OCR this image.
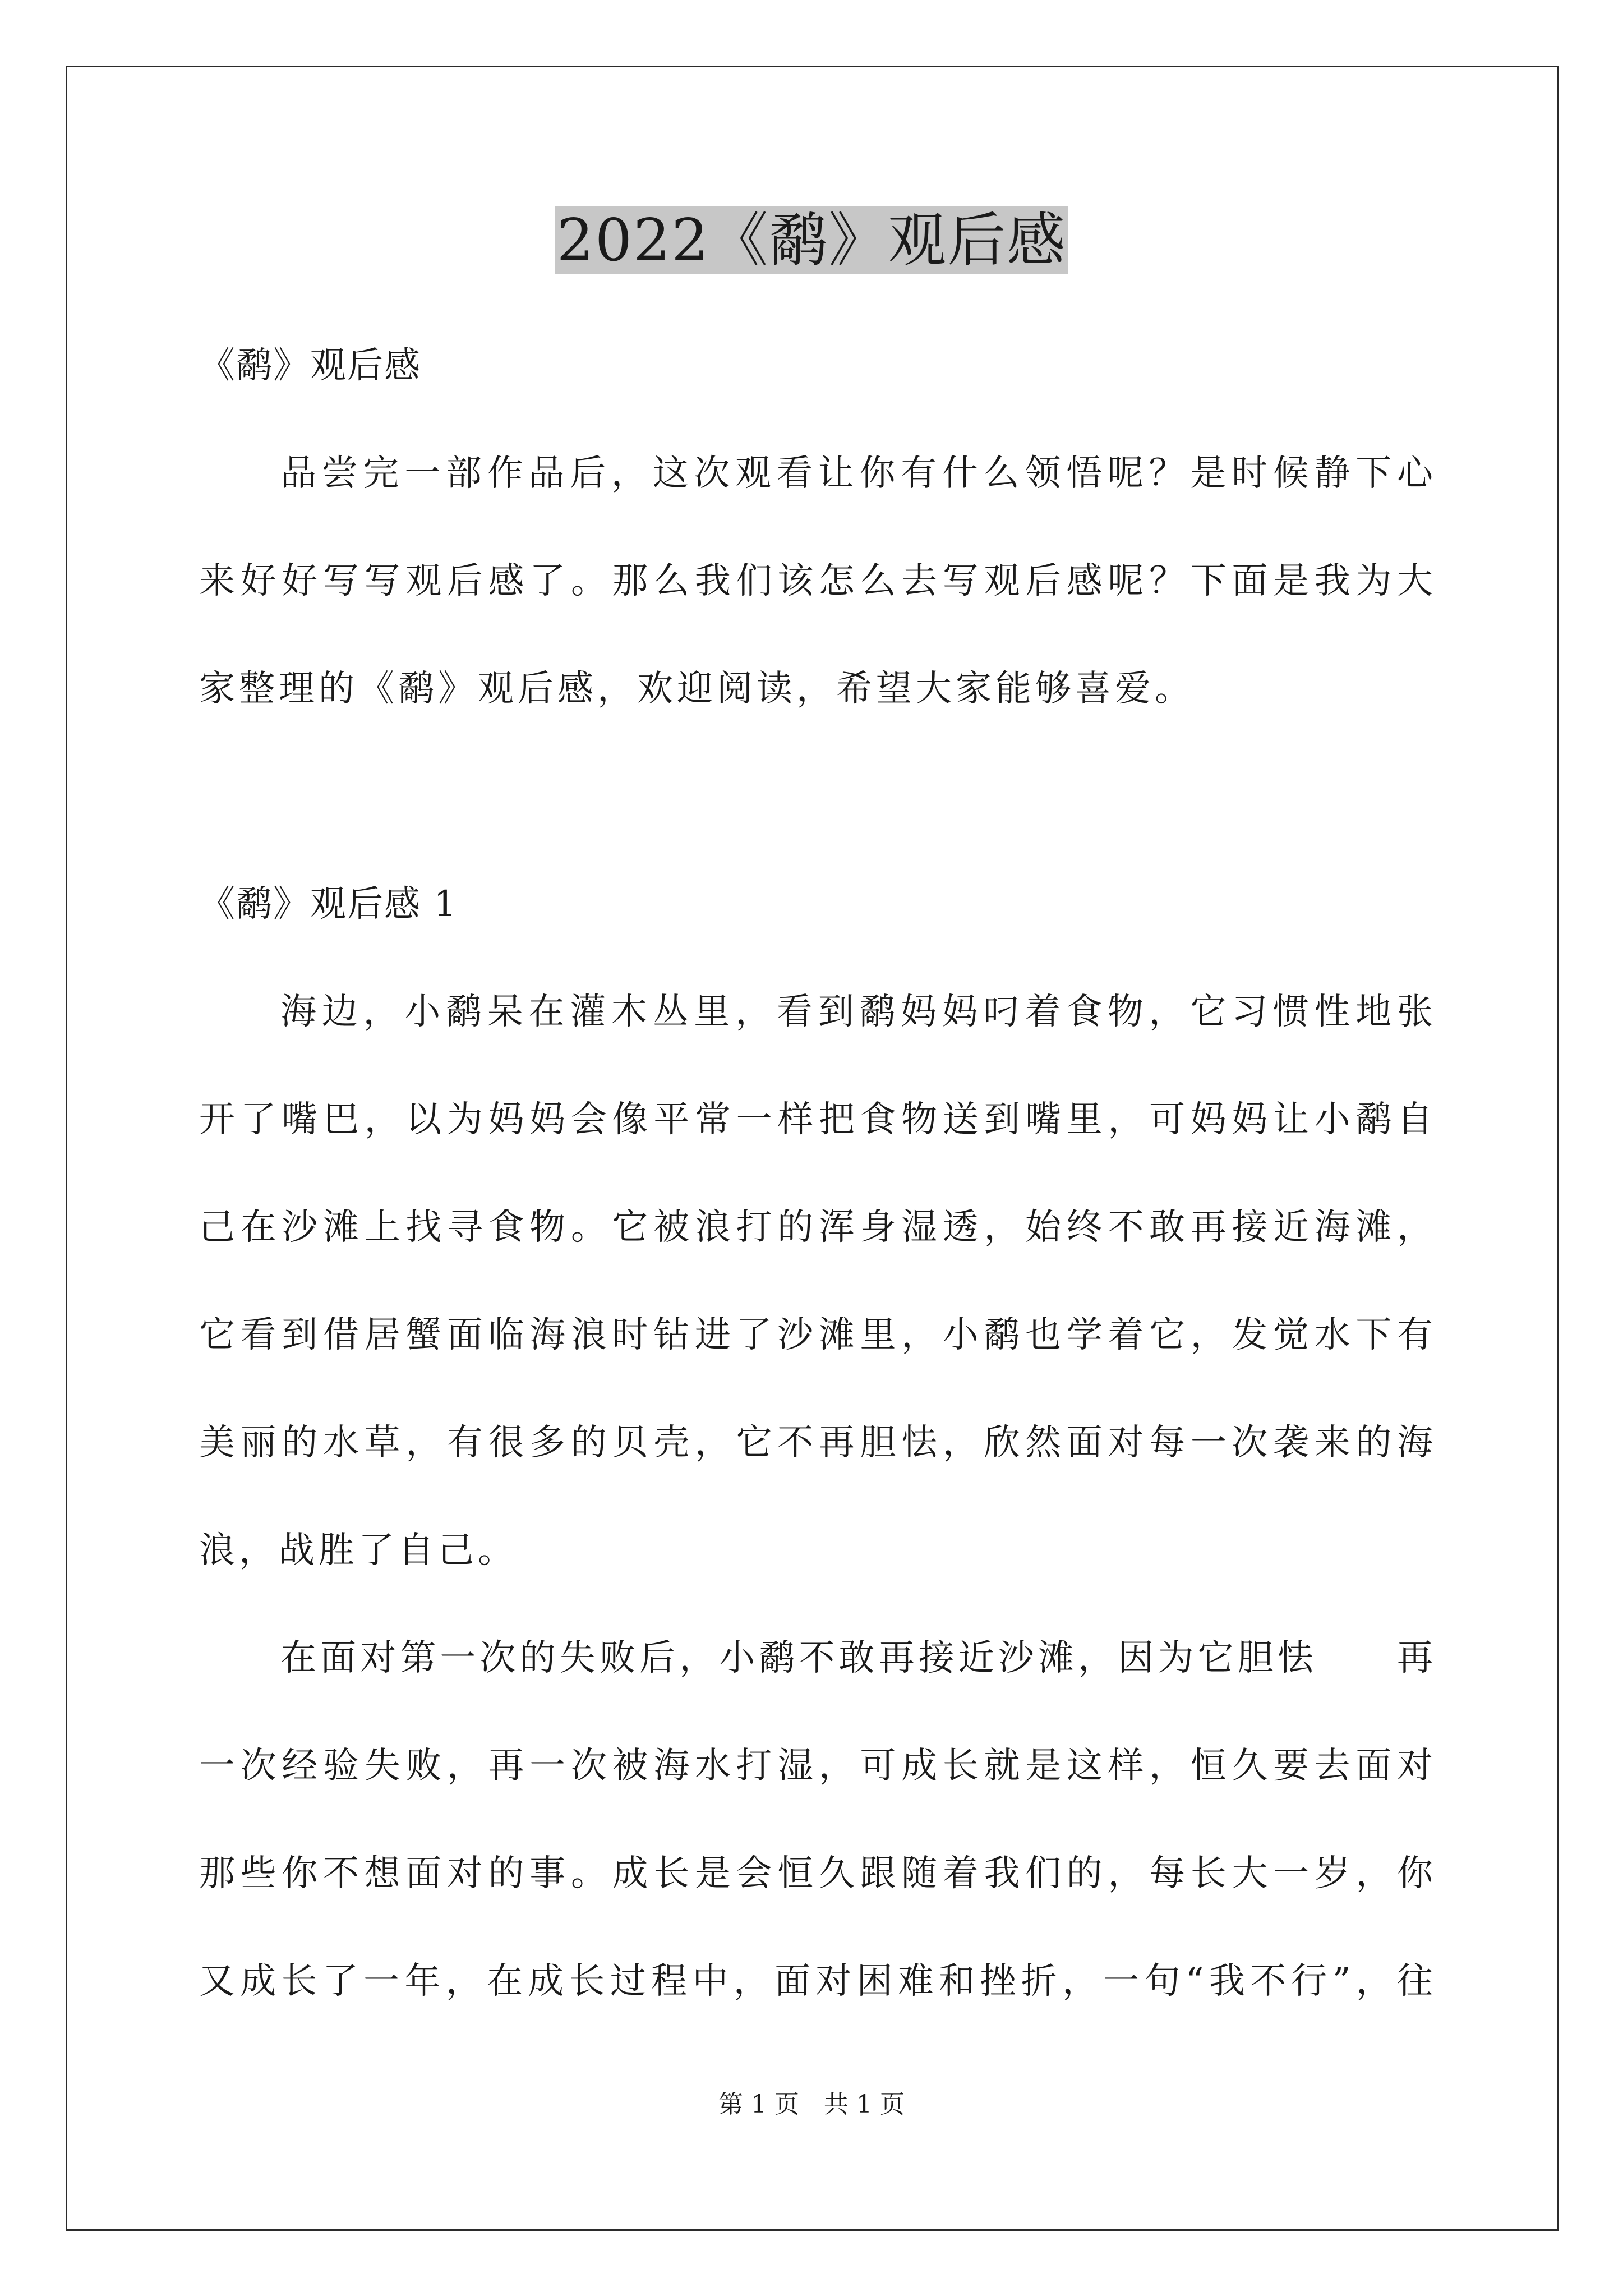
2022《鹬》观后感
《鹬》观后感
品尝完一部作品后，这次观看让你有什么领悟呢？是时候静下心
来好好写写观后感了。那么我们该怎么去写观后感呢？下面是我为大
家整理的《鹬》观后感，欢迎阅读，希望大家能够喜爱。
《鹬》观后感 1
海边，小鹬呆在灌木丛里，看到鹬妈妈叼着食物，它习惯性地张
开了嘴巴，以为妈妈会像平常一样把食物送到嘴里，可妈妈让小鹬自
己在沙滩上找寻食物。它被浪打的浑身湿透，始终不敢再接近海滩，
它看到借居蟹面临海浪时钻进了沙滩里，小鹬也学着它，发觉水下有
美丽的水草，有很多的贝壳，它不再胆怯，欣然面对每一次袭来的海
浪，战胜了自己。
在面对第一次的失败后，小鹬不敢再接近沙滩，因为它胆怯　　再
一次经验失败，再一次被海水打湿，可成长就是这样，恒久要去面对
那些你不想面对的事。成长是会恒久跟随着我们的，每长大一岁，你
又成长了一年，在成长过程中，面对困难和挫折，一句“我不行”，往
第 1 页　共 1 页
